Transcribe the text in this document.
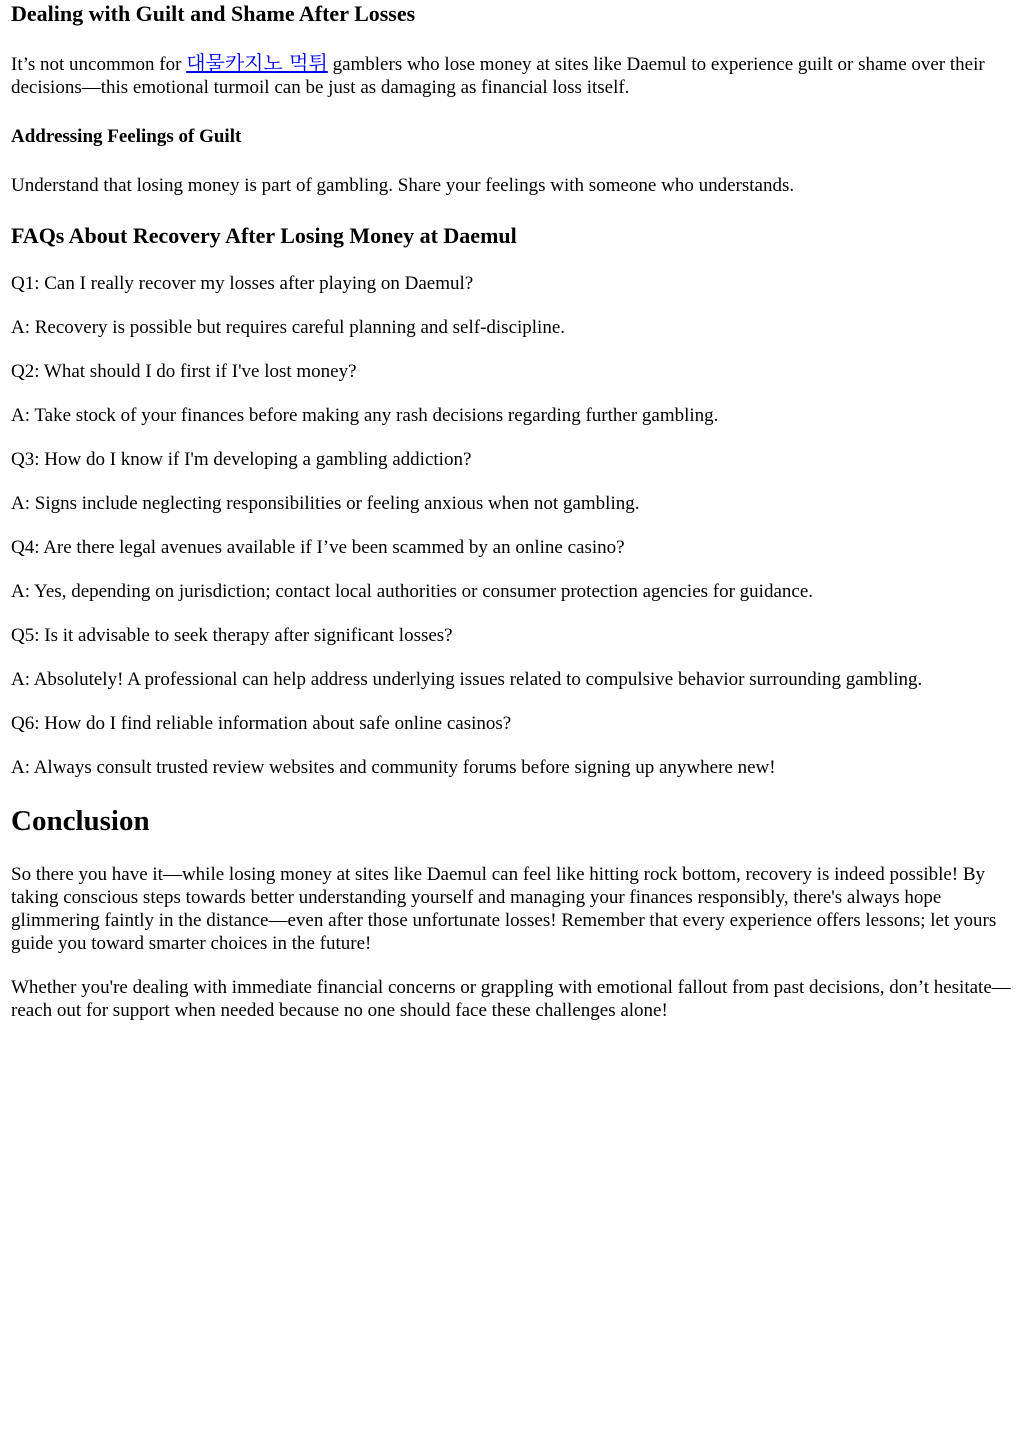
Dealing with Guilt and Shame After Losses

It’s not uncommon for 대물카지노 먹튀 gamblers who lose money at sites like Daemul to experience guilt or shame over their decisions—this emotional turmoil can be just as damaging as financial loss itself.

Addressing Feelings of Guilt

Understand that losing money is part of gambling. Share your feelings with someone who understands.

FAQs About Recovery After Losing Money at Daemul

Q1: Can I really recover my losses after playing on Daemul?

A: Recovery is possible but requires careful planning and self-discipline.

Q2: What should I do first if I've lost money?

A: Take stock of your finances before making any rash decisions regarding further gambling.

Q3: How do I know if I'm developing a gambling addiction?

A: Signs include neglecting responsibilities or feeling anxious when not gambling.

Q4: Are there legal avenues available if I’ve been scammed by an online casino?

A: Yes, depending on jurisdiction; contact local authorities or consumer protection agencies for guidance.

Q5: Is it advisable to seek therapy after significant losses?

A: Absolutely! A professional can help address underlying issues related to compulsive behavior surrounding gambling.

Q6: How do I find reliable information about safe online casinos?

A: Always consult trusted review websites and community forums before signing up anywhere new!

Conclusion

So there you have it—while losing money at sites like Daemul can feel like hitting rock bottom, recovery is indeed possible! By taking conscious steps towards better understanding yourself and managing your finances responsibly, there's always hope glimmering faintly in the distance—even after those unfortunate losses! Remember that every experience offers lessons; let yours guide you toward smarter choices in the future!

Whether you're dealing with immediate financial concerns or grappling with emotional fallout from past decisions, don’t hesitate—reach out for support when needed because no one should face these challenges alone!
